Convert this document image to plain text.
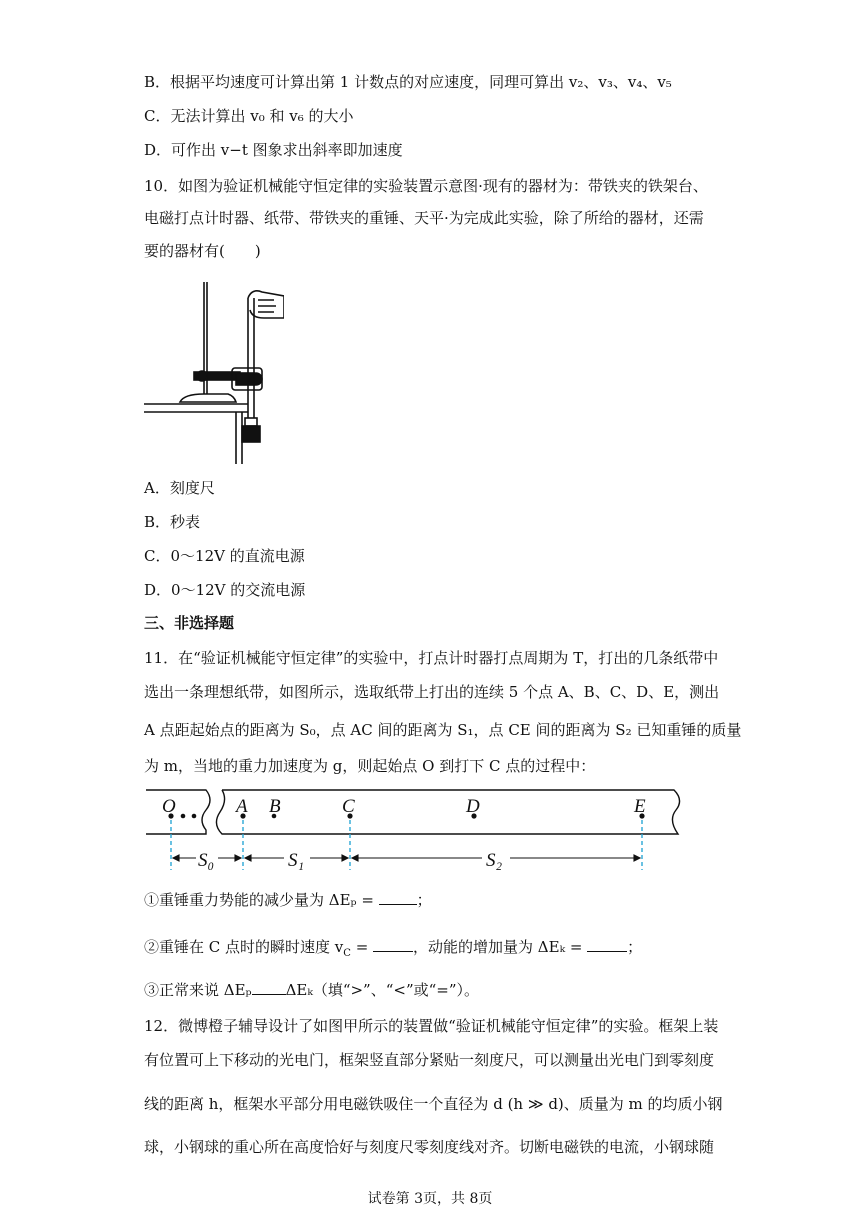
B．根据平均速度可计算出第 1 计数点的对应速度，同理可算出 v₂、v₃、v₄、v₅
C．无法计算出 v₀ 和 v₆ 的大小
D．可作出 v−t 图象求出斜率即加速度
10．如图为验证机械能守恒定律的实验装置示意图·现有的器材为：带铁夹的铁架台、
电磁打点计时器、纸带、带铁夹的重锤、天平·为完成此实验，除了所给的器材，还需
要的器材有(　　)
A．刻度尺
B．秒表
C．0～12V 的直流电源
D．0～12V 的交流电源
三、非选择题
11．在“验证机械能守恒定律”的实验中，打点计时器打点周期为 T，打出的几条纸带中
选出一条理想纸带，如图所示，选取纸带上打出的连续 5 个点 A、B、C、D、E，测出
A 点距起始点的距离为 S₀，点 AC 间的距离为 S₁，点 CE 间的距离为 S₂ 已知重锤的质量
为 m，当地的重力加速度为 g，则起始点 O 到打下 C 点的过程中：
O	A B	C	D	E
S₀	S₁	S₂
①重锤重力势能的减少量为 ΔEₚ =	；
②重锤在 C 点时的瞬时速度 $v_C$ =	，动能的增加量为 ΔEₖ =	；
③正常来说 ΔEₚ ΔEₖ（填“>”、“<”或“=”）。
12．微博橙子辅导设计了如图甲所示的装置做“验证机械能守恒定律”的实验。框架上装
有位置可上下移动的光电门，框架竖直部分紧贴一刻度尺，可以测量出光电门到零刻度
线的距离 h，框架水平部分用电磁铁吸住一个直径为 d (h ≫ d)、质量为 m 的均质小钢
球，小钢球的重心所在高度恰好与刻度尺零刻度线对齐。切断电磁铁的电流，小钢球随
试卷第 3页，共 8页
